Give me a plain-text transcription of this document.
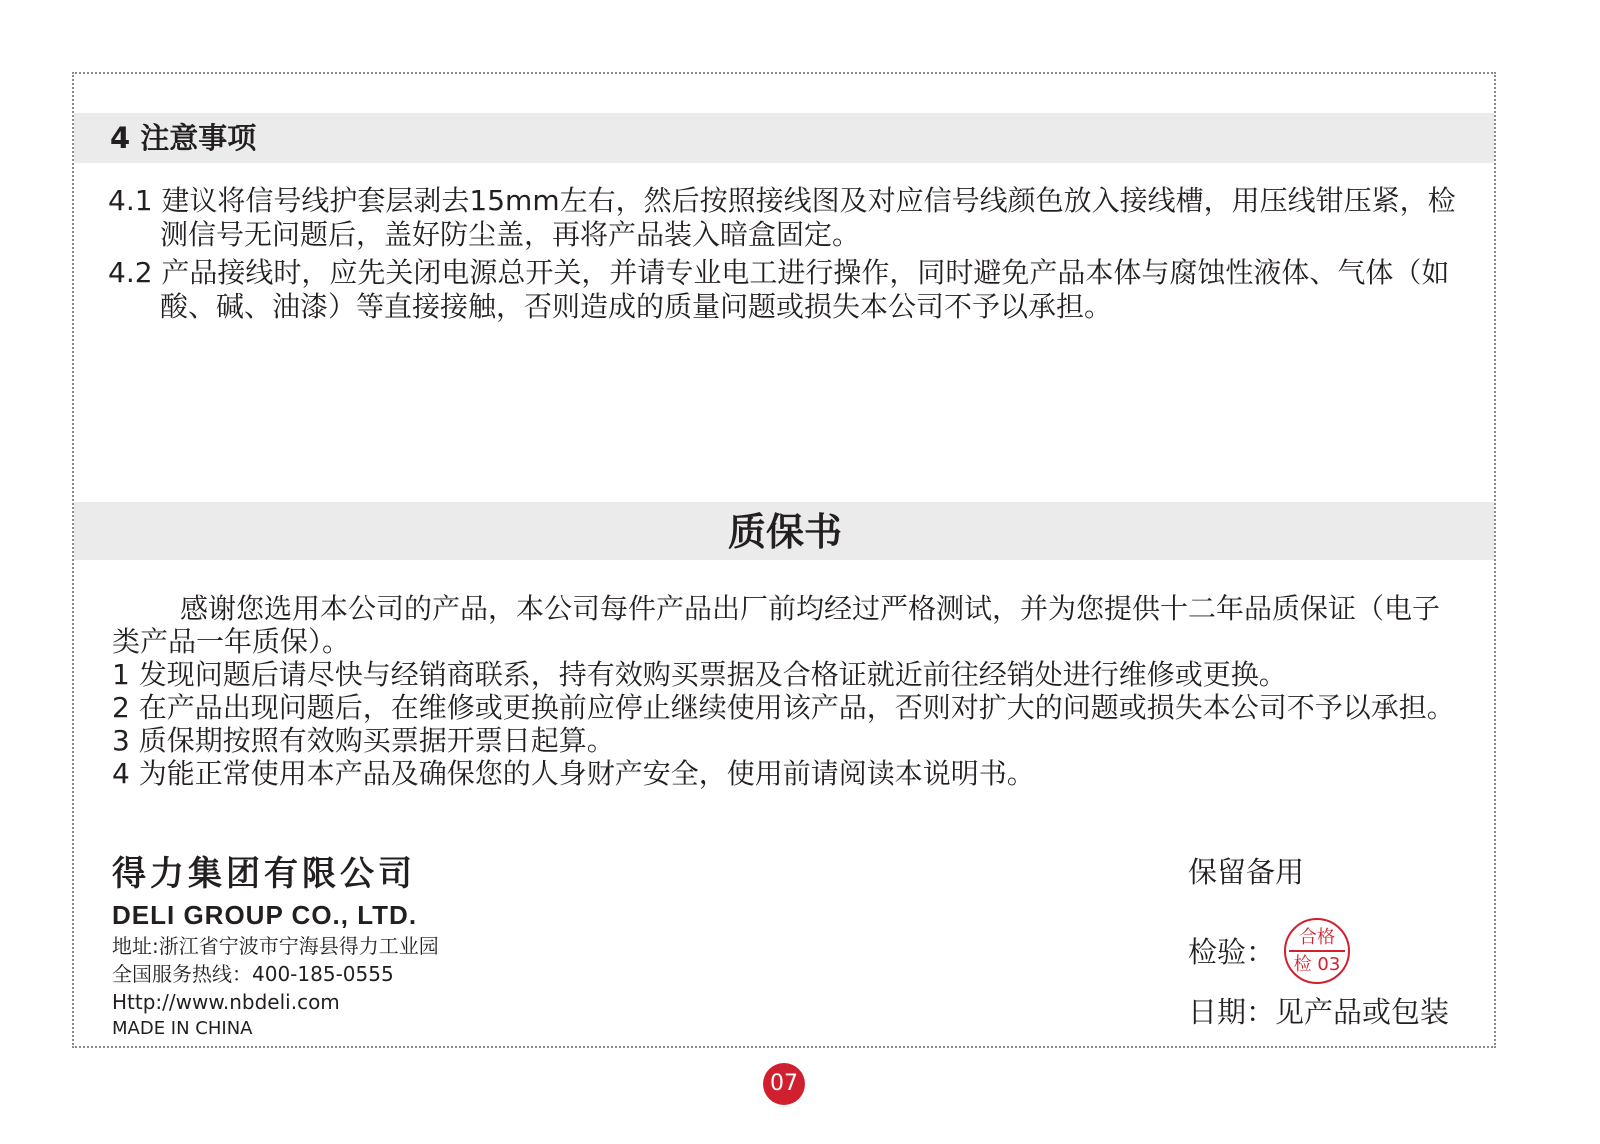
4 注意事项

4.1 建议将信号线护套层剥去15mm左右，然后按照接线图及对应信号线颜色放入接线槽，用压线钳压紧，检测信号无问题后，盖好防尘盖，再将产品装入暗盒固定。

4.2 产品接线时，应先关闭电源总开关，并请专业电工进行操作，同时避免产品本体与腐蚀性液体、气体（如酸、碱、油漆）等直接接触，否则造成的质量问题或损失本公司不予以承担。

质保书

感谢您选用本公司的产品，本公司每件产品出厂前均经过严格测试，并为您提供十二年品质保证（电子类产品一年质保）。

1 发现问题后请尽快与经销商联系，持有效购买票据及合格证就近前往经销处进行维修或更换。

2 在产品出现问题后，在维修或更换前应停止继续使用该产品，否则对扩大的问题或损失本公司不予以承担。

3 质保期按照有效购买票据开票日起算。

4 为能正常使用本产品及确保您的人身财产安全，使用前请阅读本说明书。

得力集团有限公司
DELI GROUP CO., LTD.
地址:浙江省宁波市宁海县得力工业园
全国服务热线：400-185-0555
Http://www.nbdeli.com
MADE IN CHINA
保留备用
检验：	合格
检 03
日期：见产品或包装
07
